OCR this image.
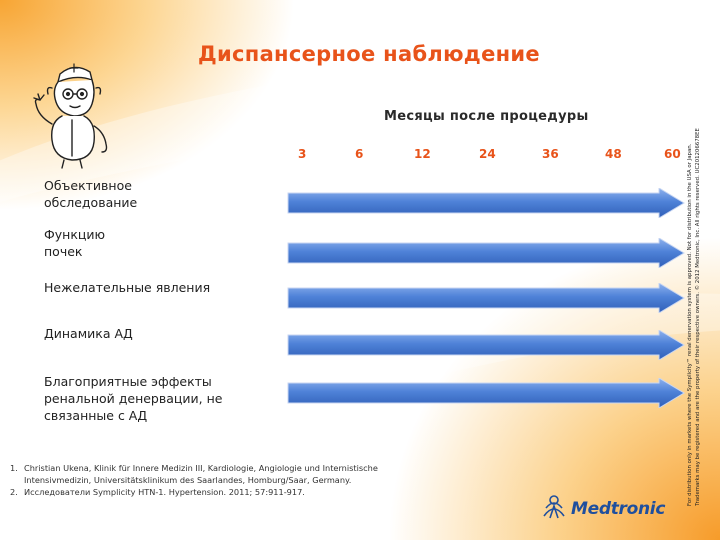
Диспансерное наблюдение
Месяцы после процедуры
3	6	12	24	36	48	60
Объективное обследование
Функцию почек
Нежелательные явления
Динамика АД
Благоприятные эффекты ренальной денервации, не связанные с АД
1. Christian Ukena, Klinik für Innere Medizin III, Kardiologie, Angiologie und Internistische
Intensivmedizin, Universitätsklinikum des Saarlandes, Homburg/Saar, Germany.
2. Исследователи Symplicity HTN-1. Hypertension. 2011; 57:911-917.	For distribution only in markets where the Symplicity™ renal denervation system is approved. Not for distribution in the USA or Japan. Trademarks may be registered and are the property of their respective owners. © 2012 Medtronic, Inc. All rights reserved. UC201206678EE
Medtronic
